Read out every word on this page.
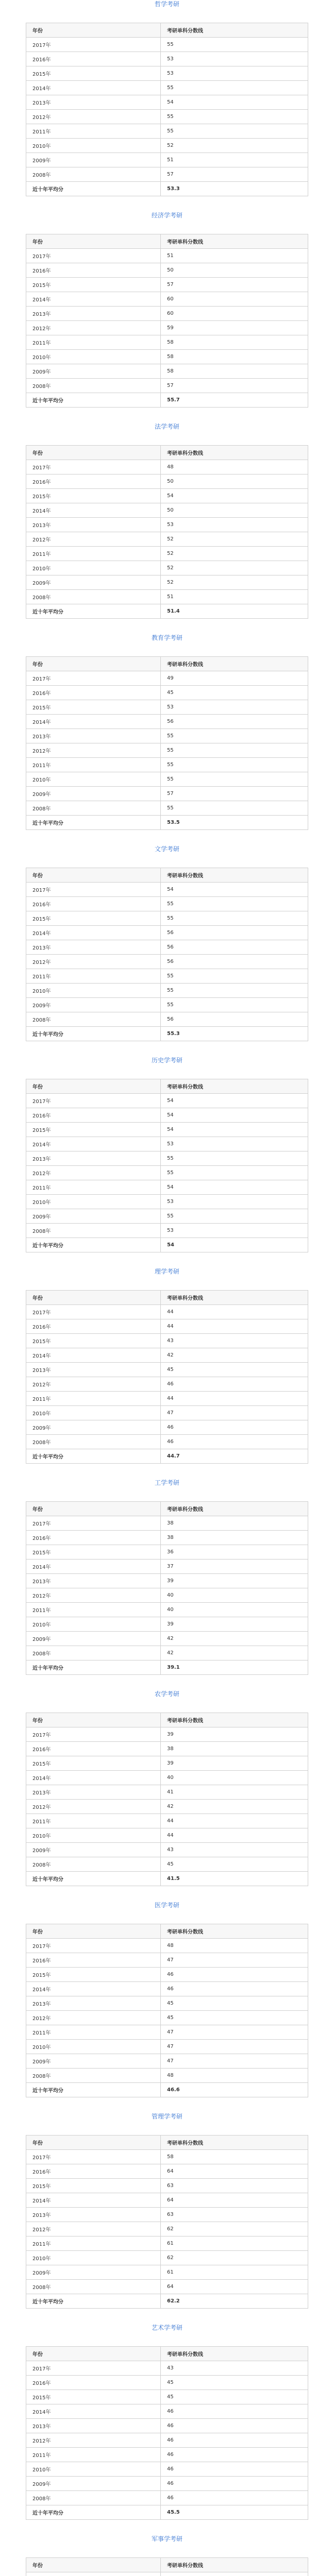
哲学考研
年份	考研单科分数线
2017年	55
2016年	53
2015年	53
2014年	55
2013年	54
2012年	55
2011年	55
2010年	52
2009年	51
2008年	57
近十年平均分	53.3
经济学考研
年份	考研单科分数线
2017年	51
2016年	50
2015年	57
2014年	60
2013年	60
2012年	59
2011年	58
2010年	58
2009年	58
2008年	57
近十年平均分	55.7
法学考研
年份	考研单科分数线
2017年	48
2016年	50
2015年	54
2014年	50
2013年	53
2012年	52
2011年	52
2010年	52
2009年	52
2008年	51
近十年平均分	51.4
教育学考研
年份	考研单科分数线
2017年	49
2016年	45
2015年	53
2014年	56
2013年	55
2012年	55
2011年	55
2010年	55
2009年	57
2008年	55
近十年平均分	53.5
文学考研
年份	考研单科分数线
2017年	54
2016年	55
2015年	55
2014年	56
2013年	56
2012年	56
2011年	55
2010年	55
2009年	55
2008年	56
近十年平均分	55.3
历史学考研
年份	考研单科分数线
2017年	54
2016年	54
2015年	54
2014年	53
2013年	55
2012年	55
2011年	54
2010年	53
2009年	55
2008年	53
近十年平均分	54
理学考研
年份	考研单科分数线
2017年	44
2016年	44
2015年	43
2014年	42
2013年	45
2012年	46
2011年	44
2010年	47
2009年	46
2008年	46
近十年平均分	44.7
工学考研
年份	考研单科分数线
2017年	38
2016年	38
2015年	36
2014年	37
2013年	39
2012年	40
2011年	40
2010年	39
2009年	42
2008年	42
近十年平均分	39.1
农学考研
年份	考研单科分数线
2017年	39
2016年	38
2015年	39
2014年	40
2013年	41
2012年	42
2011年	44
2010年	44
2009年	43
2008年	45
近十年平均分	41.5
医学考研
年份	考研单科分数线
2017年	48
2016年	47
2015年	46
2014年	46
2013年	45
2012年	45
2011年	47
2010年	47
2009年	47
2008年	48
近十年平均分	46.6
管理学考研
年份	考研单科分数线
2017年	58
2016年	64
2015年	63
2014年	64
2013年	63
2012年	62
2011年	61
2010年	62
2009年	61
2008年	64
近十年平均分	62.2
艺术学考研
年份	考研单科分数线
2017年	43
2016年	45
2015年	45
2014年	46
2013年	46
2012年	46
2011年	46
2010年	46
2009年	46
2008年	46
近十年平均分	45.5
军事学考研
年份	考研单科分数线
